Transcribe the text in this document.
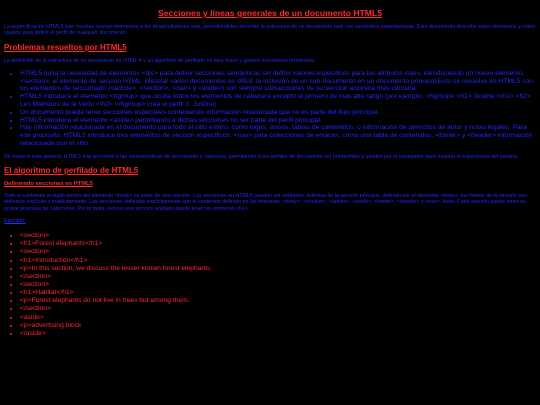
Secciones y líneas generales de un documento HTML5

La especificación HTML5 trae muchas nuevas elementos a los desarrolladores web, permitiéndoles describir la estructura de un documento web con semántica estandarizada. Este documento describe estos elementos y cómo usarlos para definir el perfil de cualquier documento.

Problemas resueltos por HTML5

La definición de la estructura de un documento en HTML 4 y su algoritmo de perfilado es muy tosco y genera numerosos problemas:

• HTML5 quita la necesidad de elementos <div> para definir secciones semánticas sin definir valores específicos para los atributos class, introduciendo un nuevo elemento, <section>, el elemento de sección HTML. Mezclar varios documentos es difícil: la inclusión de un sub-documento en un documento principal.Esto se resuelve en HTML5 con los elementos de seccionado (<article>, <section>, <nav> y <aside>) son siempre subsecciones de su sección ancestra más cercana.
• HTML5 introduce el elemento <hgroup> que oculta todos los elementos de cabecera excepto el primero de más alto rango (por ejemplo, <hgroup> <h1> Justine </h1> <h2> Les Malheurs de la Vertu </h2> </hgroup> crea el perfil 1. Justine).
• Un documento puede tener secciones especiales conteniendo información relacionada que no es parte del flujo principal.
• HTML5 introduce el elemento <aside> permitiendo a dichas secciones no ser parte del perfil principal.
• Hay información relacionada en el documento para todo el sitio entero, como logos, avisos, tablas de contenidos, o información de derechos de autor y notas legales. Para ese propósito, HTML5 introduce tres elementos de sección específicos: <nav> para colecciones de enlaces, como una tabla de contenidos, <footer> y <header> información relacionada con el sitio.

De manera más general, HTML5 trae precisión a las características de seccionado y cabecera, permitiendo a los perfiles de documento ser predecibles y usados por el navegador para mejorar la experiencia del usuario.

El algoritmo de perfilado de HTML5
Definiendo secciones en HTML5

Todo el contenido incluido dentro del elemento <body> es parte de una sección. Las secciones en HTML5 pueden ser anidadas. Además de la sección principal, definida por el elemento <body>, los límites de la sección son definidos explícita o implícitamente. Las secciones definidas explícitamente son el contenido definido en las etiquetas: <body>, <section>, <article>, <aside>, <footer>, <header> y <nav>. Nota: Cada sección puede tener su propia jerarquía de cabeceras. Por lo tanto, incluso una sección anidada puede tener un elemento <h1>.

Ejemplo:
• <section>
• <h1>Forest elephants</h1>
• <section>
• <h1>Introduction</h1>
• <p>In this section, we discuss the lesser known forest elephants.
• </section>
• <section>
• <h1>Habitat</h1>
• <p>Forest elephants do not live in trees but among them.
• </section>
• <aside>
• <p>advertising block
• </aside>
